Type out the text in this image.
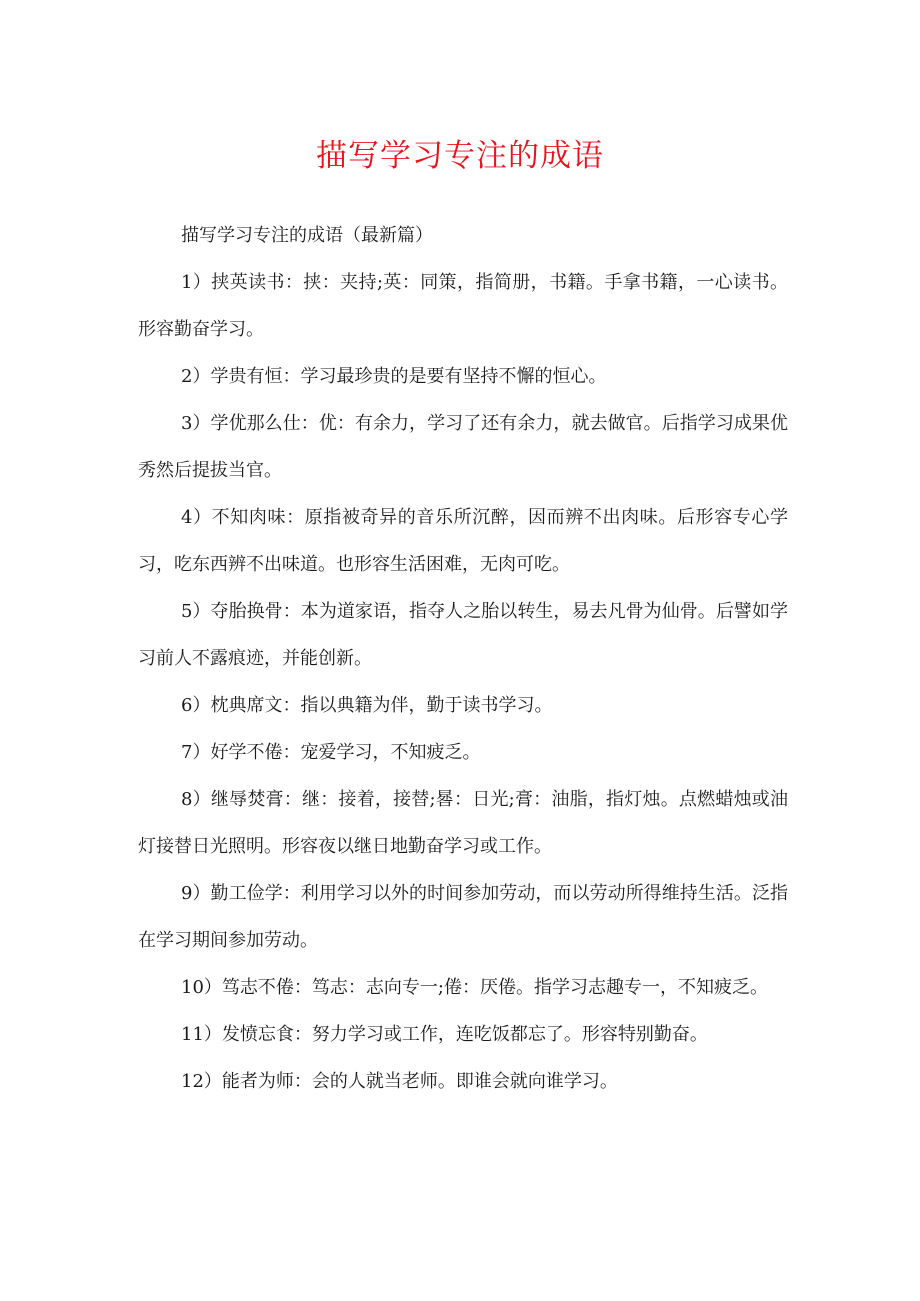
描写学习专注的成语

描写学习专注的成语（最新篇）

1）挟英读书：挟：夹持;英：同策，指简册，书籍。手拿书籍，一心读书。形容勤奋学习。

2）学贵有恒：学习最珍贵的是要有坚持不懈的恒心。

3）学优那么仕：优：有余力，学习了还有余力，就去做官。后指学习成果优秀然后提拔当官。

4）不知肉味：原指被奇异的音乐所沉醉，因而辨不出肉味。后形容专心学习，吃东西辨不出味道。也形容生活困难，无肉可吃。

5）夺胎换骨：本为道家语，指夺人之胎以转生，易去凡骨为仙骨。后譬如学习前人不露痕迹，并能创新。

6）枕典席文：指以典籍为伴，勤于读书学习。

7）好学不倦：宠爱学习，不知疲乏。

8）继辱焚膏：继：接着，接替;晷：日光;膏：油脂，指灯烛。点燃蜡烛或油灯接替日光照明。形容夜以继日地勤奋学习或工作。

9）勤工俭学：利用学习以外的时间参加劳动，而以劳动所得维持生活。泛指在学习期间参加劳动。

10）笃志不倦：笃志：志向专一;倦：厌倦。指学习志趣专一，不知疲乏。

11）发愤忘食：努力学习或工作，连吃饭都忘了。形容特别勤奋。

12）能者为师：会的人就当老师。即谁会就向谁学习。
